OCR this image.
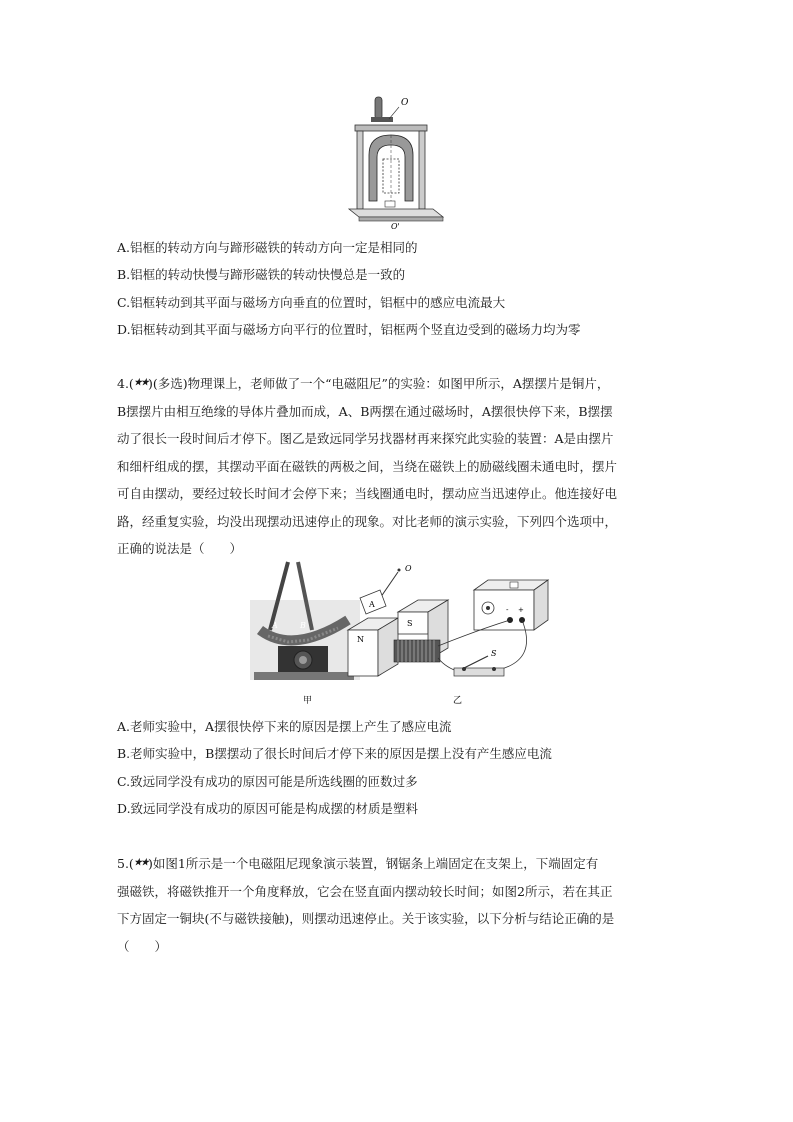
O
O'
A.铝框的转动方向与蹄形磁铁的转动方向一定是相同的
B.铝框的转动快慢与蹄形磁铁的转动快慢总是一致的
C.铝框转动到其平面与磁场方向垂直的位置时，铝框中的感应电流最大
D.铝框转动到其平面与磁场方向平行的位置时，铝框两个竖直边受到的磁场力均为零
4.(★★)(多选)物理课上，老师做了一个“电磁阻尼”的实验：如图甲所示，A摆摆片是铜片，
B摆摆片由相互绝缘的导体片叠加而成，A、B两摆在通过磁场时，A摆很快停下来，B摆摆
动了很长一段时间后才停下。图乙是致远同学另找器材再来探究此实验的装置：A是由摆片
和细杆组成的摆，其摆动平面在磁铁的两极之间，当绕在磁铁上的励磁线圈未通电时，摆片
可自由摆动，要经过较长时间才会停下来；当线圈通电时，摆动应当迅速停止。他连接好电
路，经重复实验，均没出现摆动迅速停止的现象。对比老师的演示实验，下列四个选项中，
正确的说法是（　　）
A	B
甲
O
A
N
S
- +
S
乙
A.老师实验中，A摆很快停下来的原因是摆上产生了感应电流
B.老师实验中，B摆摆动了很长时间后才停下来的原因是摆上没有产生感应电流
C.致远同学没有成功的原因可能是所选线圈的匝数过多
D.致远同学没有成功的原因可能是构成摆的材质是塑料
5.(★★)如图1所示是一个电磁阻尼现象演示装置，钢锯条上端固定在支架上，下端固定有
强磁铁，将磁铁推开一个角度释放，它会在竖直面内摆动较长时间；如图2所示，若在其正
下方固定一铜块(不与磁铁接触)，则摆动迅速停止。关于该实验，以下分析与结论正确的是
（　　）
